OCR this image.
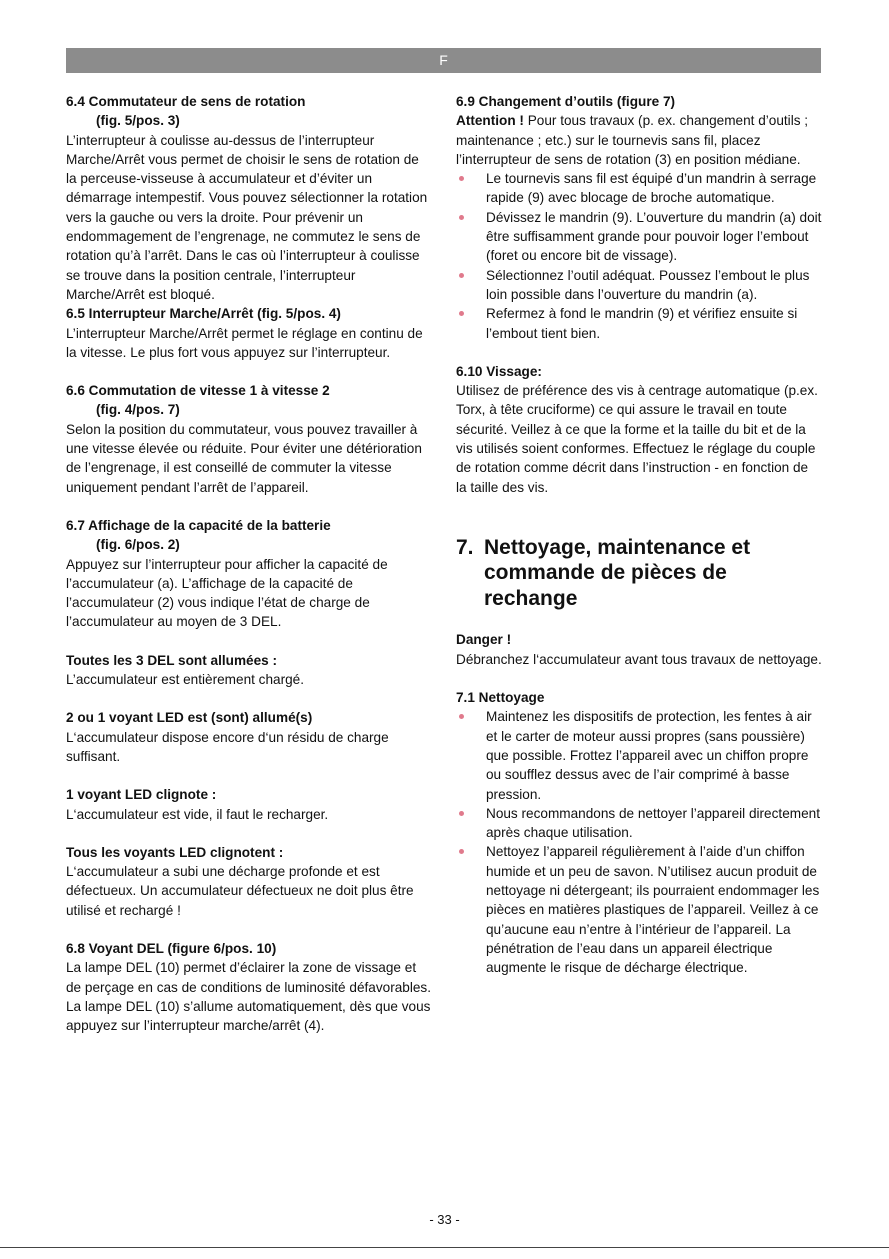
F

6.4 Commutateur de sens de rotation
(fig. 5/pos. 3)

L’interrupteur à coulisse au-dessus de l’interrupteur Marche/Arrêt vous permet de choisir le sens de rotation de la perceuse-visseuse à accumulateur et d’éviter un démarrage intempestif. Vous pouvez sélectionner la rotation vers la gauche ou vers la droite. Pour prévenir un endommagement de l’engrenage, ne commutez le sens de rotation qu’à l’arrêt. Dans le cas où l’interrupteur à coulisse se trouve dans la position centrale, l’interrupteur Marche/Arrêt est bloqué.

6.5 Interrupteur Marche/Arrêt (fig. 5/pos. 4)

L’interrupteur Marche/Arrêt permet le réglage en continu de la vitesse. Le plus fort vous appuyez sur l’interrupteur.

6.6 Commutation de vitesse 1 à vitesse 2
(fig. 4/pos. 7)

Selon la position du commutateur, vous pouvez travailler à une vitesse élevée ou réduite. Pour éviter une détérioration de l’engrenage, il est conseillé de commuter la vitesse uniquement pendant l’arrêt de l’appareil.

6.7 Affichage de la capacité de la batterie
(fig. 6/pos. 2)

Appuyez sur l’interrupteur pour afficher la capacité de l’accumulateur (a). L’affichage de la capacité de l’accumulateur (2) vous indique l’état de charge de l’accumulateur au moyen de 3 DEL.

Toutes les 3 DEL sont allumées :

L’accumulateur est entièrement chargé.

2 ou 1 voyant LED est (sont) allumé(s)

L‘accumulateur dispose encore d‘un résidu de charge suffisant.

1 voyant LED clignote :

L‘accumulateur est vide, il faut le recharger.

Tous les voyants LED clignotent :

L‘accumulateur a subi une décharge profonde et est défectueux. Un accumulateur défectueux ne doit plus être utilisé et rechargé !

6.8 Voyant DEL (figure 6/pos. 10)

La lampe DEL (10) permet d’éclairer la zone de vissage et de perçage en cas de conditions de luminosité défavorables. La lampe DEL (10) s’allume automatiquement, dès que vous appuyez sur l’interrupteur marche/arrêt (4).

6.9 Changement d’outils (figure 7)

Attention ! Pour tous travaux (p. ex. changement d’outils ; maintenance ; etc.) sur le tournevis sans fil, placez l’interrupteur de sens de rotation (3) en position médiane.

Le tournevis sans fil est équipé d’un mandrin à serrage rapide (9) avec blocage de broche automatique.
Dévissez le mandrin (9). L’ouverture du mandrin (a) doit être suffisamment grande pour pouvoir loger l’embout (foret ou encore bit de vissage).
Sélectionnez l’outil adéquat. Poussez l’embout le plus loin possible dans l’ouverture du mandrin (a).
Refermez à fond le mandrin (9) et vérifiez ensuite si l’embout tient bien.

6.10 Vissage:

Utilisez de préférence des vis à centrage automatique (p.ex. Torx, à tête cruciforme) ce qui assure le travail en toute sécurité. Veillez à ce que la forme et la taille du bit et de la vis utilisés soient conformes. Effectuez le réglage du couple de rotation comme décrit dans l’instruction - en fonction de la taille des vis.

7. Nettoyage, maintenance et commande de pièces de rechange

Danger !

Débranchez l‘accumulateur avant tous travaux de nettoyage.

7.1 Nettoyage

Maintenez les dispositifs de protection, les fentes à air et le carter de moteur aussi propres (sans poussière) que possible. Frottez l’appareil avec un chiffon propre ou soufflez dessus avec de l’air comprimé à basse pression.
Nous recommandons de nettoyer l’appareil directement après chaque utilisation.
Nettoyez l’appareil régulièrement à l’aide d’un chiffon humide et un peu de savon. N’utilisez aucun produit de nettoyage ni détergeant; ils pourraient endommager les pièces en matières plastiques de l’appareil. Veillez à ce qu’aucune eau n’entre à l’intérieur de l’appareil. La pénétration de l’eau dans un appareil électrique augmente le risque de décharge électrique.
- 33 -
